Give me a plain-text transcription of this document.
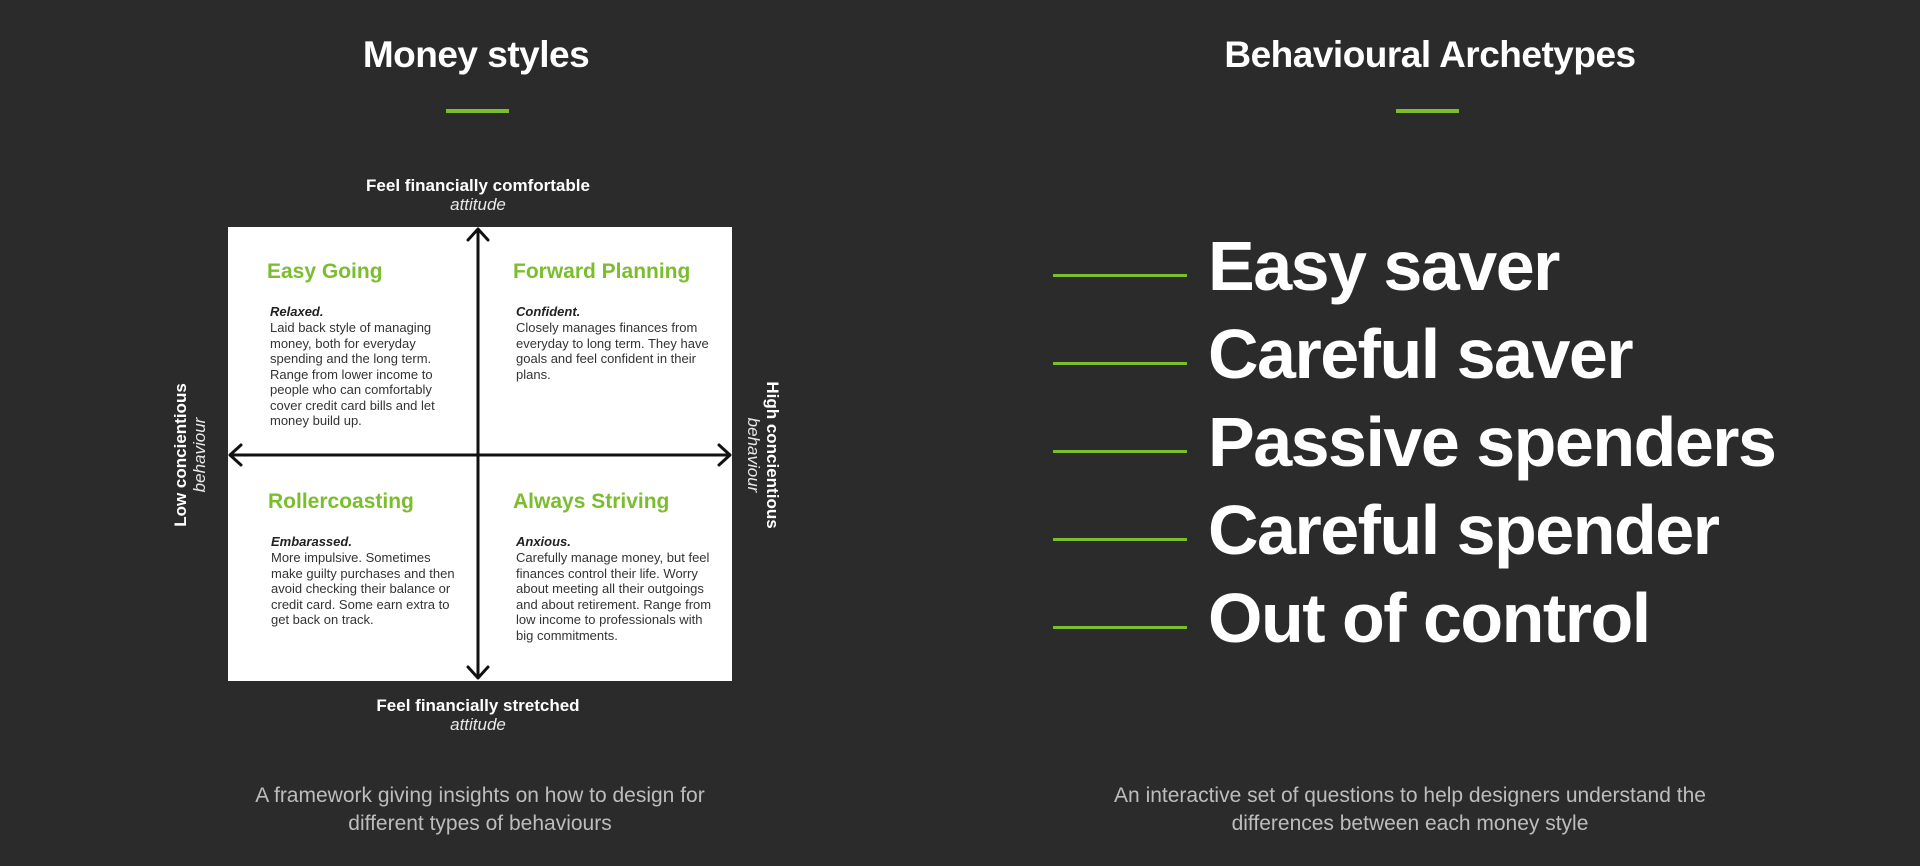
Money styles
Feel financially comfortable
attitude
Feel financially stretched
attitude
Low concientious behaviour	High concientious
behaviour
Easy Going
Relaxed.

Laid back style of managing money, both for everyday spending and the long term. Range from lower income to people who can comfortably cover credit card bills and let money build up.

Forward Planning
Confident.

Closely manages finances from everyday to long term. They have goals and feel confident in their plans.

Rollercoasting
Embarassed.

More impulsive. Sometimes make guilty purchases and then avoid checking their balance or credit card. Some earn extra to get back on track.

Always Striving
Anxious.

Carefully manage money, but feel finances control their life. Worry about meeting all their outgoings and about retirement. Range from low income to professionals with big commitments.

A framework giving insights on how to design for different types of behaviours

Behavioural Archetypes
Easy saver
Careful saver
Passive spenders
Careful spender
Out of control

An interactive set of questions to help designers understand the differences between each money style
